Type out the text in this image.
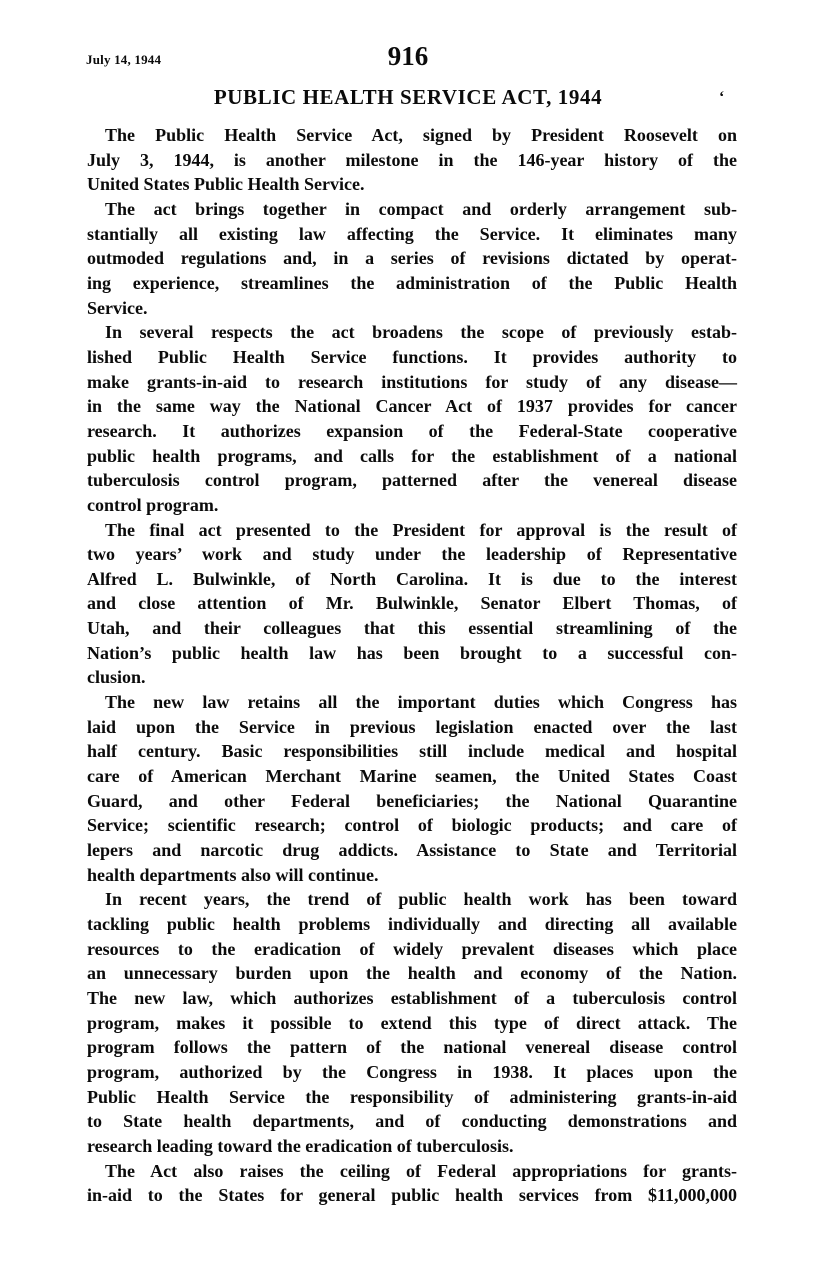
July 14, 1944	916
PUBLIC HEALTH SERVICE ACT, 1944	‘
The Public Health Service Act, signed by President Roosevelt on
July 3, 1944, is another milestone in the 146-year history of the
United States Public Health Service.
The act brings together in compact and orderly arrangement sub-
stantially all existing law affecting the Service. It eliminates many
outmoded regulations and, in a series of revisions dictated by operat-
ing experience, streamlines the administration of the Public Health
Service.
In several respects the act broadens the scope of previously estab-
lished Public Health Service functions. It provides authority to
make grants-in-aid to research institutions for study of any disease—
in the same way the National Cancer Act of 1937 provides for cancer
research. It authorizes expansion of the Federal-State cooperative
public health programs, and calls for the establishment of a national
tuberculosis control program, patterned after the venereal disease
control program.
The final act presented to the President for approval is the result of
two years’ work and study under the leadership of Representative
Alfred L. Bulwinkle, of North Carolina. It is due to the interest
and close attention of Mr. Bulwinkle, Senator Elbert Thomas, of
Utah, and their colleagues that this essential streamlining of the
Nation’s public health law has been brought to a successful con-
clusion.
The new law retains all the important duties which Congress has
laid upon the Service in previous legislation enacted over the last
half century. Basic responsibilities still include medical and hospital
care of American Merchant Marine seamen, the United States Coast
Guard, and other Federal beneficiaries; the National Quarantine
Service; scientific research; control of biologic products; and care of
lepers and narcotic drug addicts. Assistance to State and Territorial
health departments also will continue.
In recent years, the trend of public health work has been toward
tackling public health problems individually and directing all available
resources to the eradication of widely prevalent diseases which place
an unnecessary burden upon the health and economy of the Nation.
The new law, which authorizes establishment of a tuberculosis control
program, makes it possible to extend this type of direct attack. The
program follows the pattern of the national venereal disease control
program, authorized by the Congress in 1938. It places upon the
Public Health Service the responsibility of administering grants-in-aid
to State health departments, and of conducting demonstrations and
research leading toward the eradication of tuberculosis.
The Act also raises the ceiling of Federal appropriations for grants-
in-aid to the States for general public health services from $11,000,000
